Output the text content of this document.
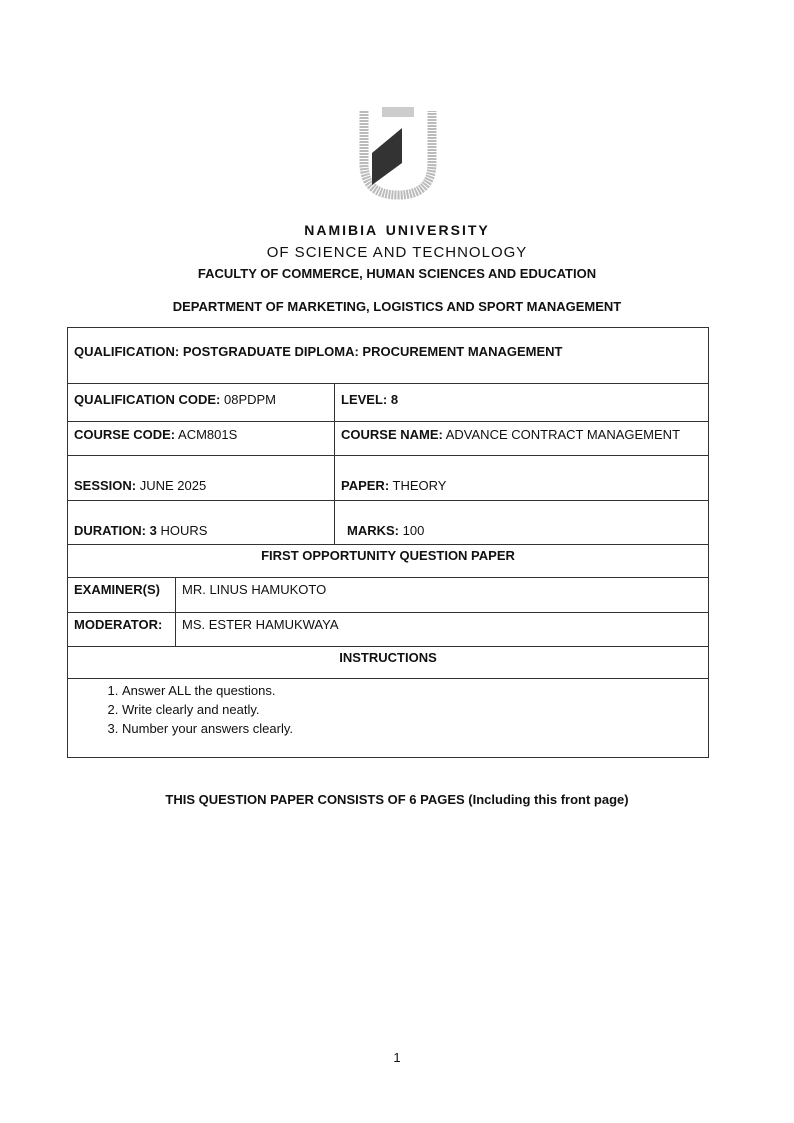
namibia university
OF SCIENCE AND TECHNOLOGY
FACULTY OF COMMERCE, HUMAN SCIENCES AND EDUCATION
DEPARTMENT OF MARKETING, LOGISTICS AND SPORT MANAGEMENT
QUALIFICATION: POSTGRADUATE DIPLOMA: PROCUREMENT MANAGEMENT
QUALIFICATION CODE: 08PDPM	LEVEL: 8
COURSE CODE: ACM801S	COURSE NAME: ADVANCE CONTRACT MANAGEMENT
SESSION: JUNE 2025	PAPER: THEORY
DURATION: 3 HOURS	MARKS: 100
FIRST OPPORTUNITY QUESTION PAPER
EXAMINER(S)	MR. LINUS HAMUKOTO
MODERATOR:	MS. ESTER HAMUKWAYA
INSTRUCTIONS
1. Answer ALL the questions.
2. Write clearly and neatly.
3. Number your answers clearly.
THIS QUESTION PAPER CONSISTS OF 6 PAGES (Including this front page)
1
